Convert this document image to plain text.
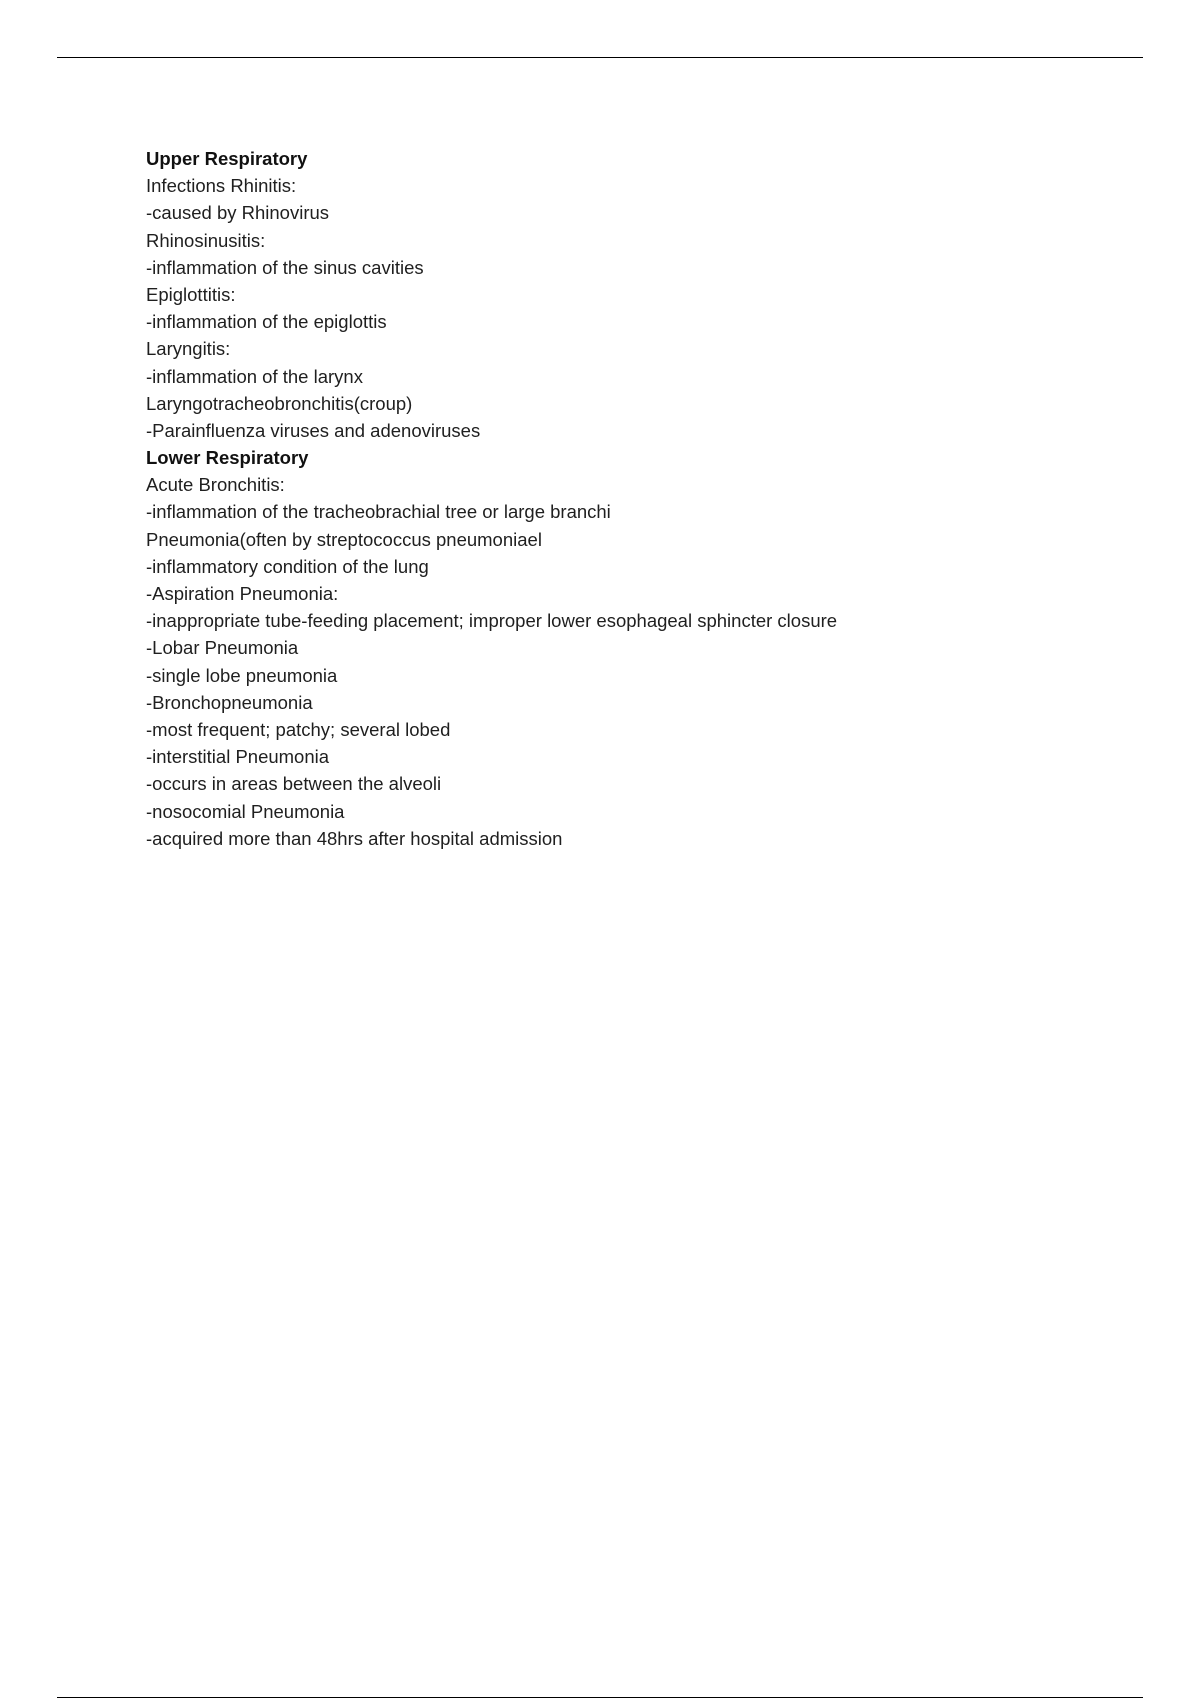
Upper Respiratory
Infections Rhinitis:
-caused by Rhinovirus
Rhinosinusitis:
-inflammation of the sinus cavities
Epiglottitis:
-inflammation of the epiglottis
Laryngitis:
-inflammation of the larynx
Laryngotracheobronchitis(croup)
-Parainfluenza viruses and adenoviruses
Lower Respiratory
Acute Bronchitis:
-inflammation of the tracheobrachial tree or large branchi
Pneumonia(often by streptococcus pneumoniael
-inflammatory condition of the lung
-Aspiration Pneumonia:
-inappropriate tube-feeding placement; improper lower esophageal sphincter closure
-Lobar Pneumonia
-single lobe pneumonia
-Bronchopneumonia
-most frequent; patchy; several lobed
-interstitial Pneumonia
-occurs in areas between the alveoli
-nosocomial Pneumonia
-acquired more than 48hrs after hospital admission
